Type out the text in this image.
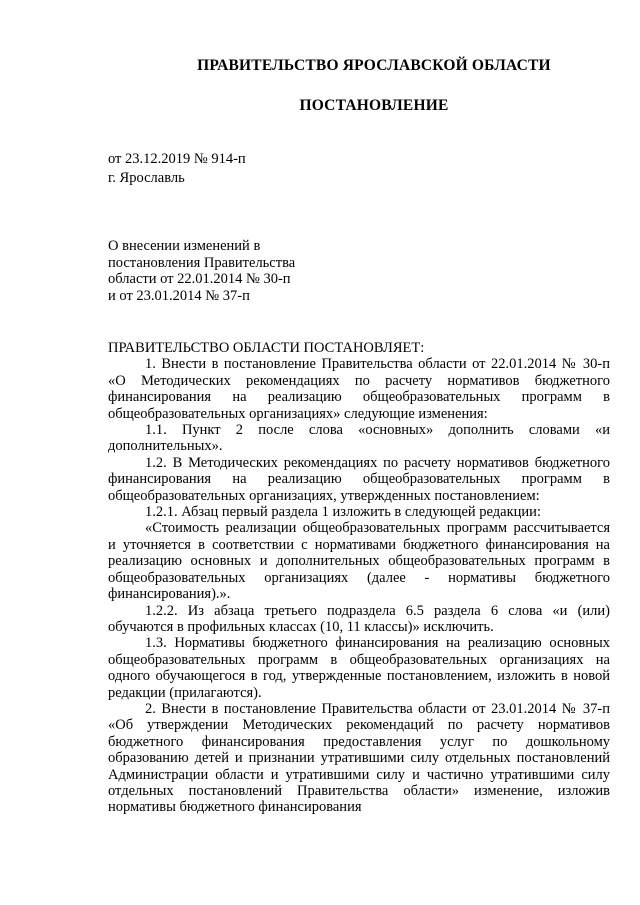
ПРАВИТЕЛЬСТВО ЯРОСЛАВСКОЙ ОБЛАСТИ
ПОСТАНОВЛЕНИЕ
от 23.12.2019 № 914-п
г. Ярославль
О внесении изменений в
постановления Правительства
области от 22.01.2014 № 30-п
и от 23.01.2014 № 37-п

ПРАВИТЕЛЬСТВО ОБЛАСТИ ПОСТАНОВЛЯЕТ:

1. Внести в постановление Правительства области от 22.01.2014 № 30-п «О Методических рекомендациях по расчету нормативов бюджетного финансирования на реализацию общеобразовательных программ в общеобразовательных организациях» следующие изменения:

1.1. Пункт 2 после слова «основных» дополнить словами «и дополнительных».

1.2. В Методических рекомендациях по расчету нормативов бюджетного финансирования на реализацию общеобразовательных программ в общеобразовательных организациях, утвержденных постановлением:

1.2.1. Абзац первый раздела 1 изложить в следующей редакции:

«Стоимость реализации общеобразовательных программ рассчитывается и уточняется в соответствии с нормативами бюджетного финансирования на реализацию основных и дополнительных общеобразовательных программ в общеобразовательных организациях (далее - нормативы бюджетного финансирования).».

1.2.2. Из абзаца третьего подраздела 6.5 раздела 6 слова «и (или) обучаются в профильных классах (10, 11 классы)» исключить.

1.3. Нормативы бюджетного финансирования на реализацию основных общеобразовательных программ в общеобразовательных организациях на одного обучающегося в год, утвержденные постановлением, изложить в новой редакции (прилагаются).

2. Внести в постановление Правительства области от 23.01.2014 № 37-п «Об утверждении Методических рекомендаций по расчету нормативов бюджетного финансирования предоставления услуг по дошкольному образованию детей и признании утратившими силу отдельных постановлений Администрации области и утратившими силу и частично утратившими силу отдельных постановлений Правительства области» изменение, изложив нормативы бюджетного финансирования
